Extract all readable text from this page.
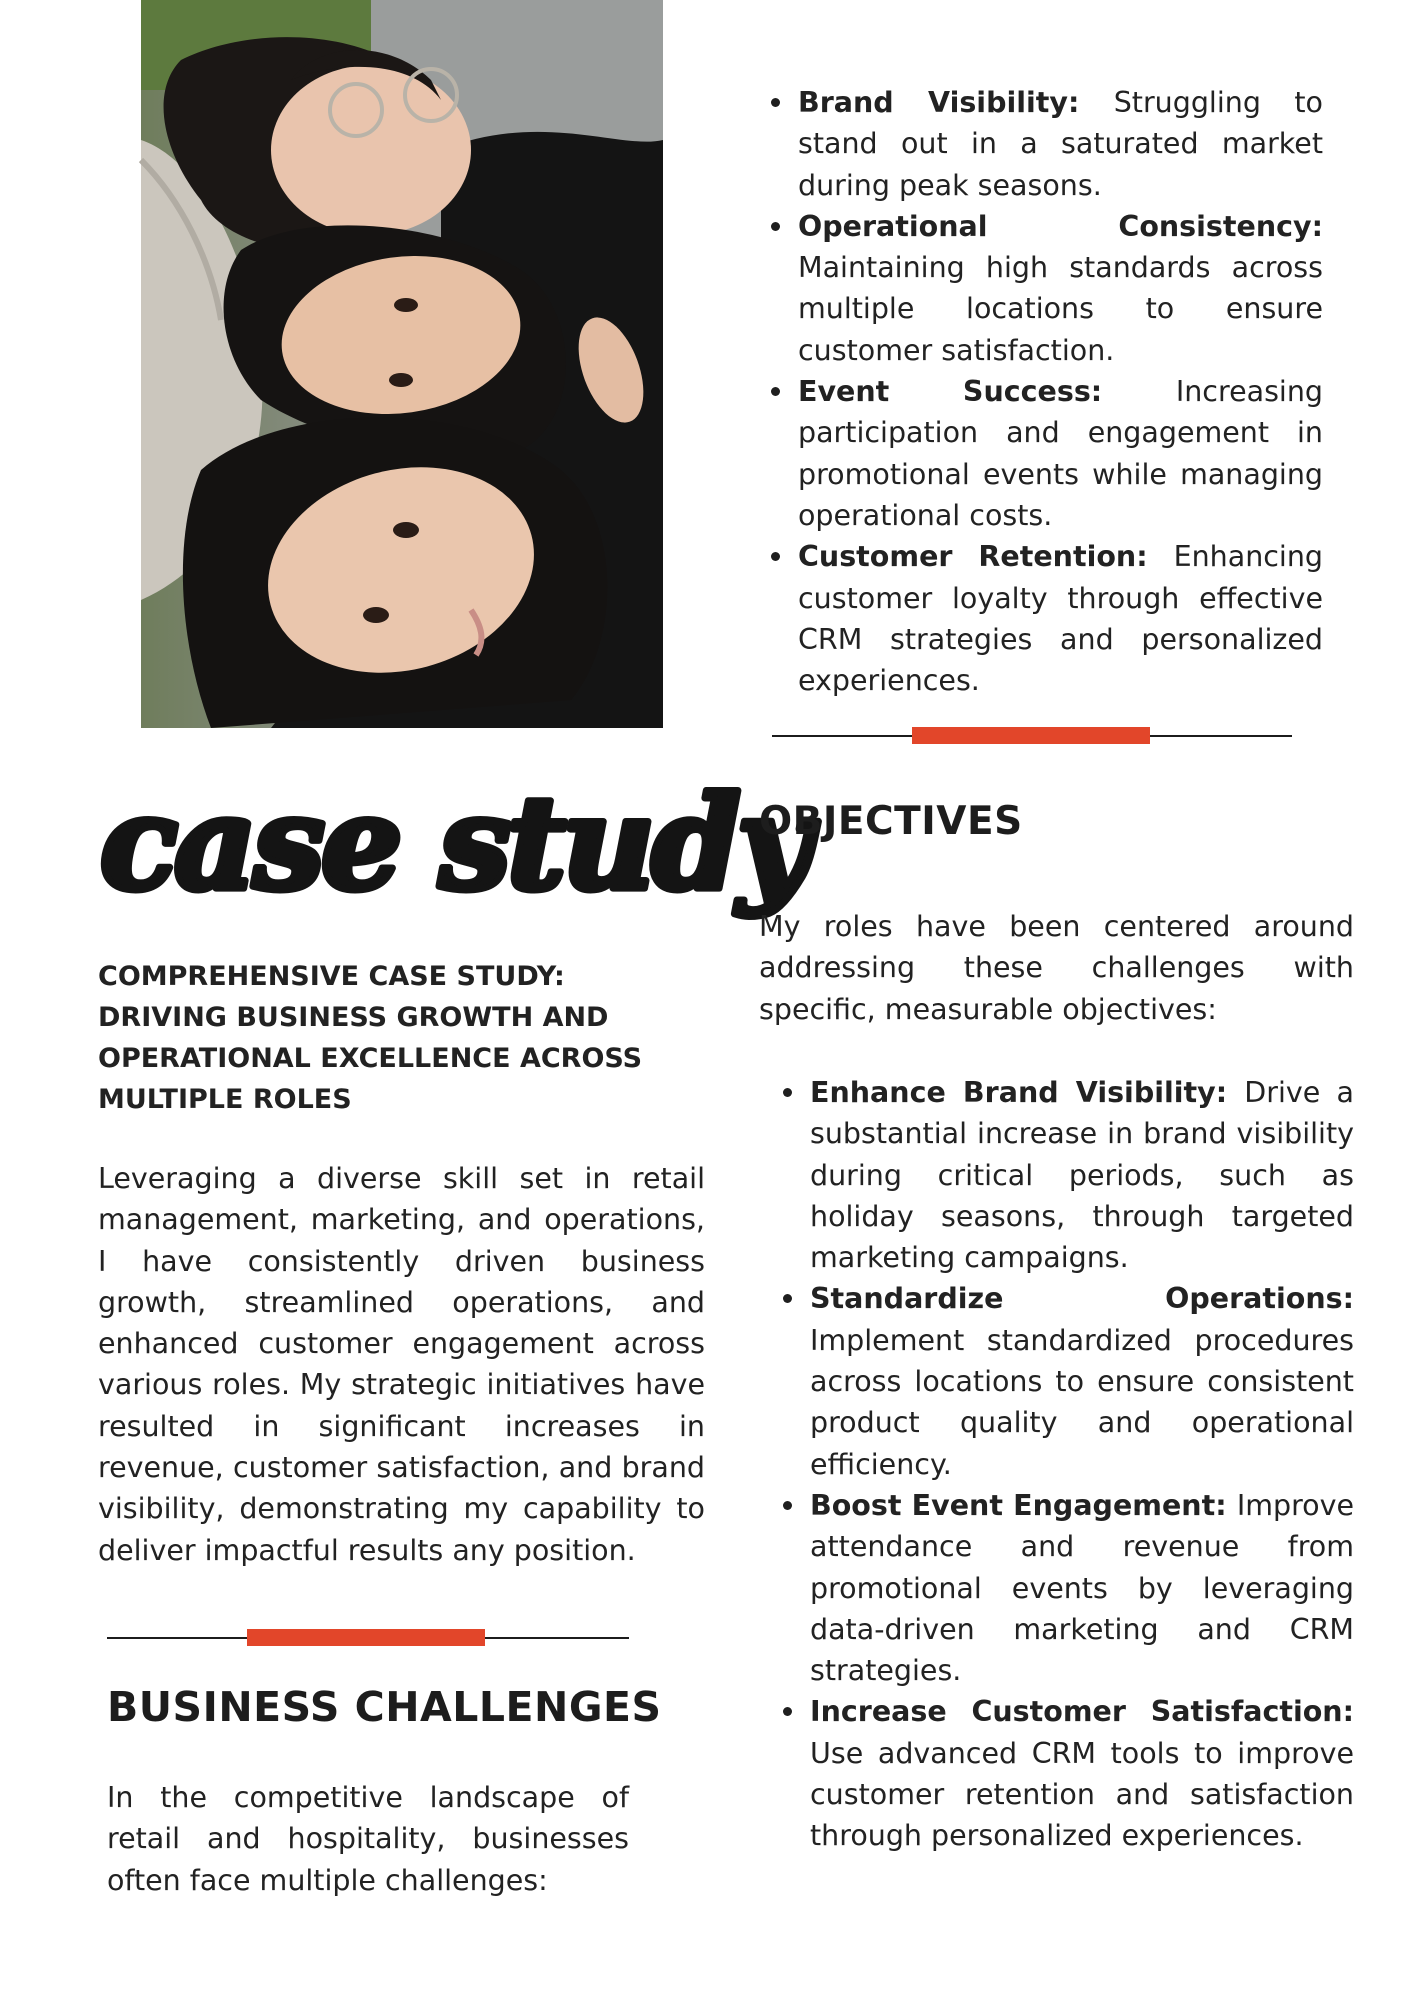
Brand Visibility: Struggling to stand out in a saturated market during peak seasons.
Operational Consistency: Maintaining high standards across multiple locations to ensure customer satisfaction.
Event Success: Increasing participation and engagement in promotional events while managing operational costs.
Customer Retention: Enhancing customer loyalty through effective CRM strategies and personalized experiences.
case study
COMPREHENSIVE CASE STUDY: DRIVING BUSINESS GROWTH AND OPERATIONAL EXCELLENCE ACROSS MULTIPLE ROLES

Leveraging a diverse skill set in retail management, marketing, and operations, I have consistently driven business growth, streamlined operations, and enhanced customer engagement across various roles. My strategic initiatives have resulted in significant increases in revenue, customer satisfaction, and brand visibility, demonstrating my capability to deliver impactful results any position.

BUSINESS CHALLENGES

In the competitive landscape of retail and hospitality, businesses often face multiple challenges:

OBJECTIVES

My roles have been centered around addressing these challenges with specific, measurable objectives:

Enhance Brand Visibility: Drive a substantial increase in brand visibility during critical periods, such as holiday seasons, through targeted marketing campaigns.
Standardize Operations: Implement standardized procedures across locations to ensure consistent product quality and operational efficiency.
Boost Event Engagement: Improve attendance and revenue from promotional events by leveraging data-driven marketing and CRM strategies.
Increase Customer Satisfaction: Use advanced CRM tools to improve customer retention and satisfaction through personalized experiences.
